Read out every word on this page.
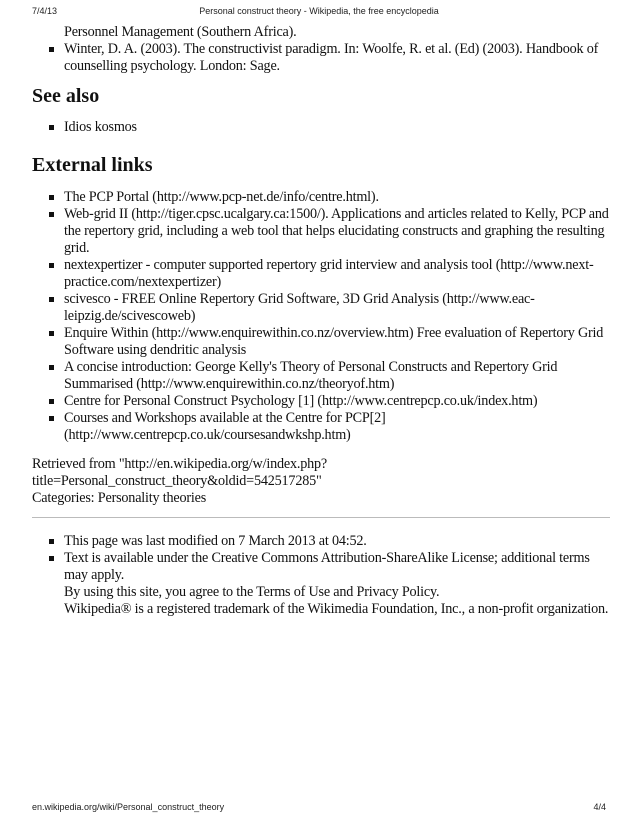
7/4/13	Personal construct theory - Wikipedia, the free encyclopedia
Personnel Management (Southern Africa).
Winter, D. A. (2003). The constructivist paradigm. In: Woolfe, R. et al. (Ed) (2003). Handbook of counselling psychology. London: Sage.
See also
Idios kosmos
External links
The PCP Portal (http://www.pcp-net.de/info/centre.html).
Web-grid II (http://tiger.cpsc.ucalgary.ca:1500/). Applications and articles related to Kelly, PCP and the repertory grid, including a web tool that helps elucidating constructs and graphing the resulting grid.
nextexpertizer - computer supported repertory grid interview and analysis tool (http://www.next-practice.com/nextexpertizer)
scivesco - FREE Online Repertory Grid Software, 3D Grid Analysis (http://www.eac-leipzig.de/scivescoweb)
Enquire Within (http://www.enquirewithin.co.nz/overview.htm) Free evaluation of Repertory Grid Software using dendritic analysis
A concise introduction: George Kelly's Theory of Personal Constructs and Repertory Grid Summarised (http://www.enquirewithin.co.nz/theoryof.htm)
Centre for Personal Construct Psychology [1] (http://www.centrepcp.co.uk/index.htm)
Courses and Workshops available at the Centre for PCP[2] (http://www.centrepcp.co.uk/coursesandwkshp.htm)
Retrieved from "http://en.wikipedia.org/w/index.php?title=Personal_construct_theory&oldid=542517285"
Categories: Personality theories
This page was last modified on 7 March 2013 at 04:52.
Text is available under the Creative Commons Attribution-ShareAlike License; additional terms may apply.
By using this site, you agree to the Terms of Use and Privacy Policy.
Wikipedia® is a registered trademark of the Wikimedia Foundation, Inc., a non-profit organization.
en.wikipedia.org/wiki/Personal_construct_theory	4/4
